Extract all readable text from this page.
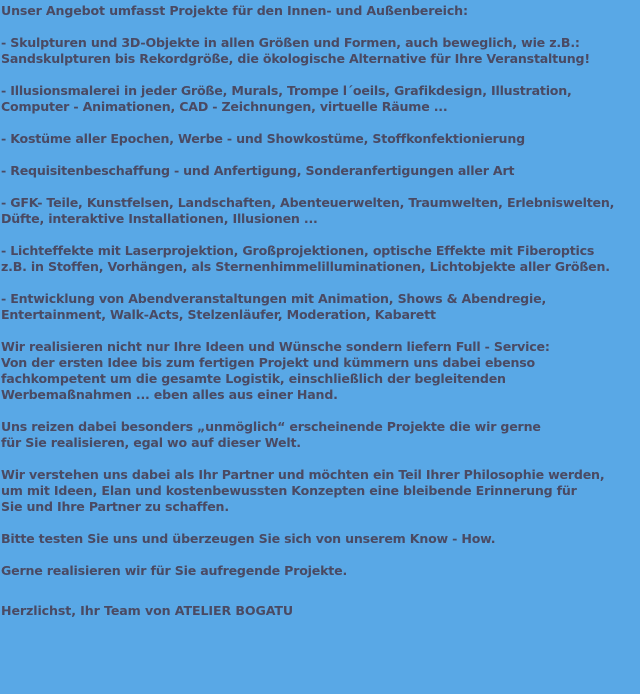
Unser Angebot umfasst Projekte für den Innen- und Außenbereich:

- Skulpturen und 3D-Objekte in allen Größen und Formen, auch beweglich, wie z.B.:
Sandskulpturen bis Rekordgröße, die ökologische Alternative für Ihre Veranstaltung!

- Illusionsmalerei in jeder Größe, Murals, Trompe l´oeils, Grafikdesign, Illustration,
Computer - Animationen, CAD - Zeichnungen, virtuelle Räume ...

- Kostüme aller Epochen, Werbe - und Showkostüme, Stoffkonfektionierung

- Requisitenbeschaffung - und Anfertigung, Sonderanfertigungen aller Art

- GFK- Teile, Kunstfelsen, Landschaften, Abenteuerwelten, Traumwelten, Erlebniswelten,
Düfte, interaktive Installationen, Illusionen ...

- Lichteffekte mit Laserprojektion, Großprojektionen, optische Effekte mit Fiberoptics
z.B. in Stoffen, Vorhängen, als Sternenhimmelilluminationen, Lichtobjekte aller Größen.

- Entwicklung von Abendveranstaltungen mit Animation, Shows & Abendregie,
Entertainment, Walk-Acts, Stelzenläufer, Moderation, Kabarett

Wir realisieren nicht nur Ihre Ideen und Wünsche sondern liefern Full - Service:
Von der ersten Idee bis zum fertigen Projekt und kümmern uns dabei ebenso
fachkompetent um die gesamte Logistik, einschließlich der begleitenden
Werbemaßnahmen ... eben alles aus einer Hand.

Uns reizen dabei besonders „unmöglich“ erscheinende Projekte die wir gerne
für Sie realisieren, egal wo auf dieser Welt.

Wir verstehen uns dabei als Ihr Partner und möchten ein Teil Ihrer Philosophie werden,
um mit Ideen, Elan und kostenbewussten Konzepten eine bleibende Erinnerung für
Sie und Ihre Partner zu schaffen.

Bitte testen Sie uns und überzeugen Sie sich von unserem Know - How.

Gerne realisieren wir für Sie aufregende Projekte.

Herzlichst, Ihr Team von ATELIER BOGATU
